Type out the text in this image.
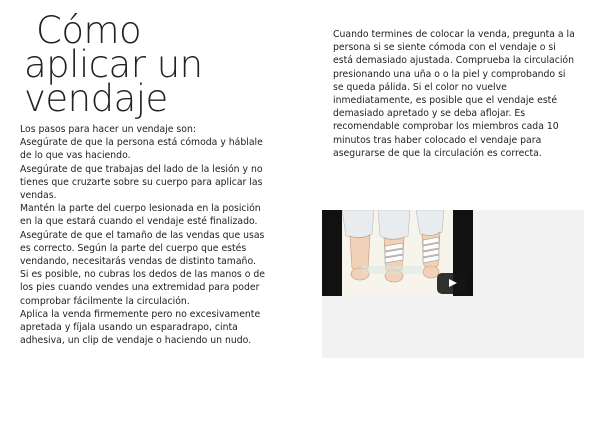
Cómo
aplicar un
vendaje

Los pasos para hacer un vendaje son:

Asegúrate de que la persona está cómoda y háblale de lo que vas haciendo.

Asegúrate de que trabajas del lado de la lesión y no tienes que cruzarte sobre su cuerpo para aplicar las vendas.

Mantén la parte del cuerpo lesionada en la posición en la que estará cuando el vendaje esté finalizado.

Asegúrate de que el tamaño de las vendas que usas es correcto. Según la parte del cuerpo que estés vendando, necesitarás vendas de distinto tamaño.

Si es posible, no cubras los dedos de las manos o de los pies cuando vendes una extremidad para poder comprobar fácilmente la circulación.

Aplica la venda firmemente pero no excesivamente apretada y fíjala usando un esparadrapo, cinta adhesiva, un clip de vendaje o haciendo un nudo.

Cuando termines de colocar la venda, pregunta a la persona si se siente cómoda con el vendaje o si está demasiado ajustada. Comprueba la circulación presionando una uña o o la piel y comprobando si se queda pálida. Si el color no vuelve inmediatamente, es posible que el vendaje esté demasiado apretado y se deba aflojar. Es recomendable comprobar los miembros cada 10 minutos tras haber colocado el vendaje para asegurarse de que la circulación es correcta.
